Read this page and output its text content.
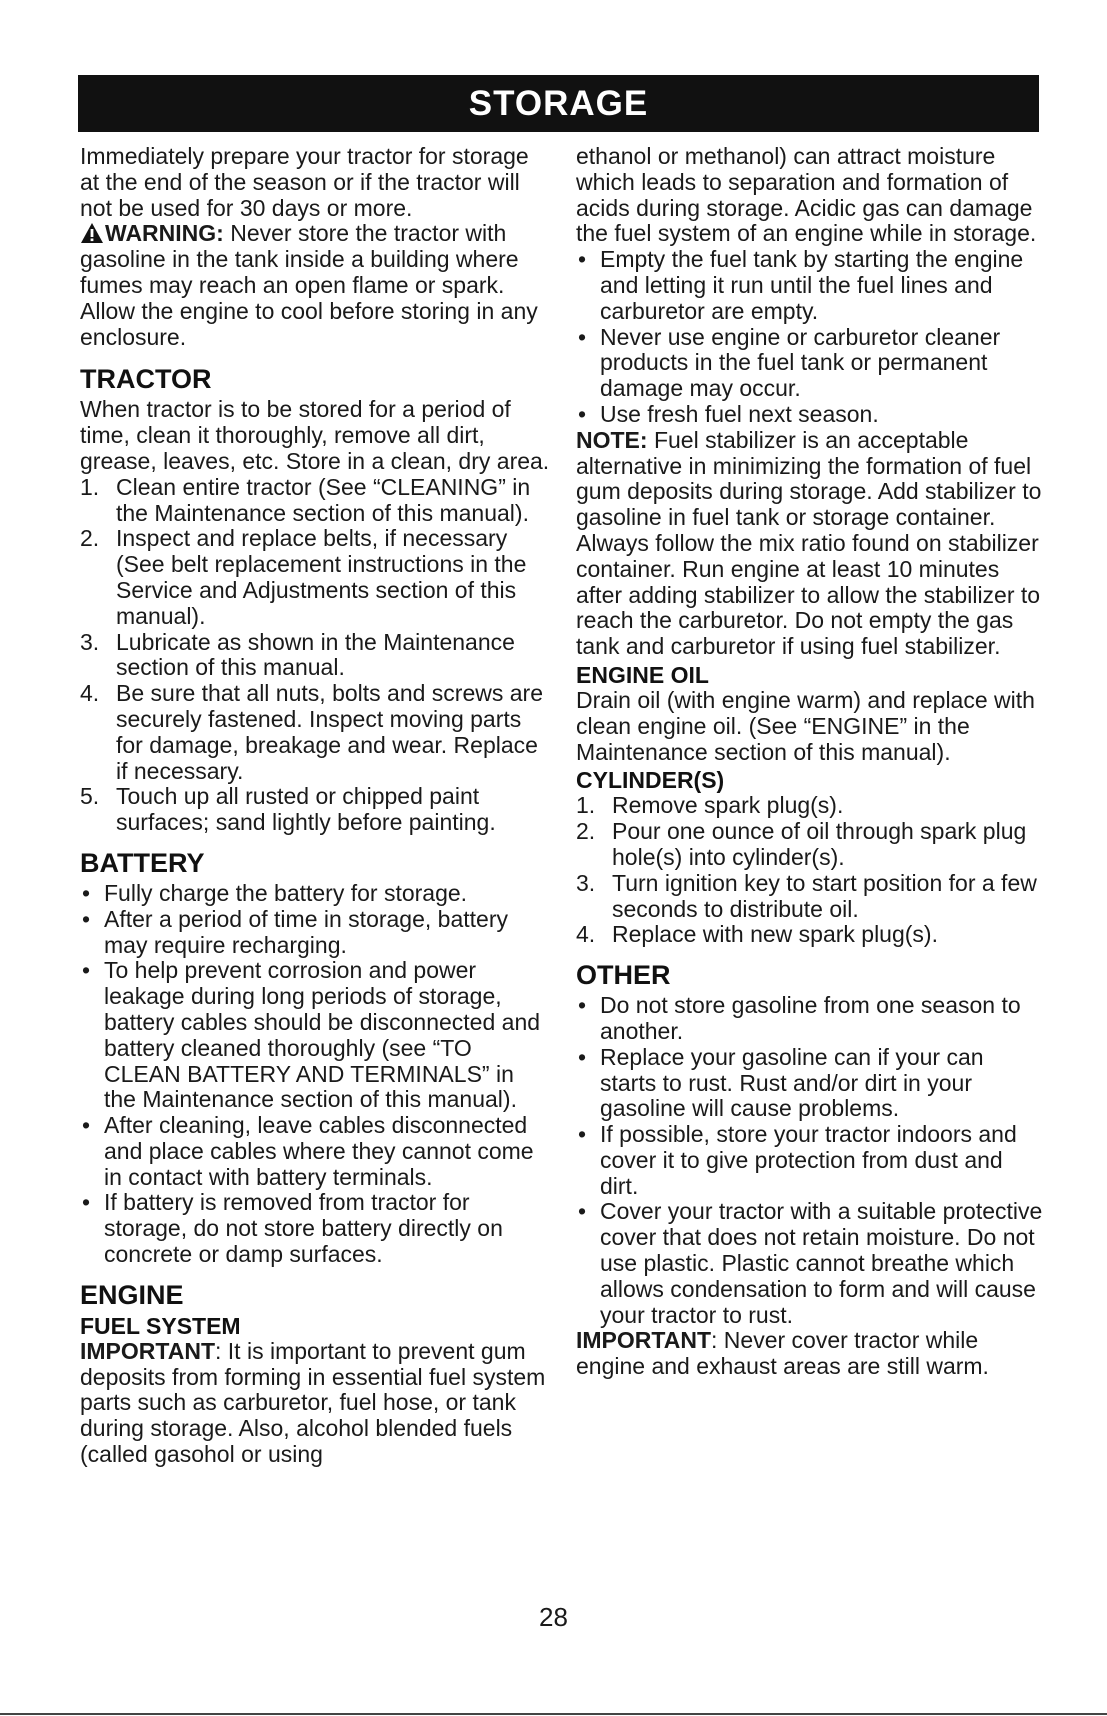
STORAGE

Immediately prepare your tractor for storage at the end of the season or if the tractor will not be used for 30 days or more.

WARNING: Never store the tractor with gasoline in the tank inside a building where fumes may reach an open flame or spark. Allow the engine to cool before storing in any enclosure.

TRACTOR

When tractor is to be stored for a period of time, clean it thoroughly, remove all dirt, grease, leaves, etc. Store in a clean, dry area.

1. Clean entire tractor (See “CLEANING” in the Maintenance section of this manual).
2. Inspect and replace belts, if necessary (See belt replacement instructions in the Service and Adjustments section of this manual).
3. Lubricate as shown in the Maintenance section of this manual.
4. Be sure that all nuts, bolts and screws are securely fastened. Inspect moving parts for damage, breakage and wear. Replace if necessary.
5. Touch up all rusted or chipped paint surfaces; sand lightly before painting.
BATTERY
• Fully charge the battery for storage.
• After a period of time in storage, battery may require recharging.
• To help prevent corrosion and power leakage during long periods of storage, battery cables should be disconnected and battery cleaned thoroughly (see “TO CLEAN BATTERY AND TERMINALS” in the Maintenance section of this manual).
• After cleaning, leave cables disconnected and place cables where they cannot come in contact with battery terminals.
• If battery is removed from tractor for storage, do not store battery directly on concrete or damp surfaces.
ENGINE
FUEL SYSTEM

IMPORTANT: It is important to prevent gum deposits from forming in essential fuel system parts such as carburetor, fuel hose, or tank during storage. Also, alcohol blended fuels (called gasohol or using

ethanol or methanol) can attract moisture which leads to separation and formation of acids during storage. Acidic gas can damage the fuel system of an engine while in storage.

• Empty the fuel tank by starting the engine and letting it run until the fuel lines and carburetor are empty.
• Never use engine or carburetor cleaner products in the fuel tank or permanent damage may occur.
• Use fresh fuel next season.

NOTE: Fuel stabilizer is an acceptable alternative in minimizing the formation of fuel gum deposits during storage. Add stabilizer to gasoline in fuel tank or storage container. Always follow the mix ratio found on stabilizer container. Run engine at least 10 minutes after adding stabilizer to allow the stabilizer to reach the carburetor. Do not empty the gas tank and carburetor if using fuel stabilizer.

ENGINE OIL

Drain oil (with engine warm) and replace with clean engine oil. (See “ENGINE” in the Maintenance section of this manual).

CYLINDER(S)
1. Remove spark plug(s).
2. Pour one ounce of oil through spark plug hole(s) into cylinder(s).
3. Turn ignition key to start position for a few seconds to distribute oil.
4. Replace with new spark plug(s).
OTHER
• Do not store gasoline from one season to another.
• Replace your gasoline can if your can starts to rust. Rust and/or dirt in your gasoline will cause problems.
• If possible, store your tractor indoors and cover it to give protection from dust and dirt.
• Cover your tractor with a suitable protective cover that does not retain moisture. Do not use plastic. Plastic cannot breathe which allows condensation to form and will cause your tractor to rust.

IMPORTANT: Never cover tractor while engine and exhaust areas are still warm.

28
